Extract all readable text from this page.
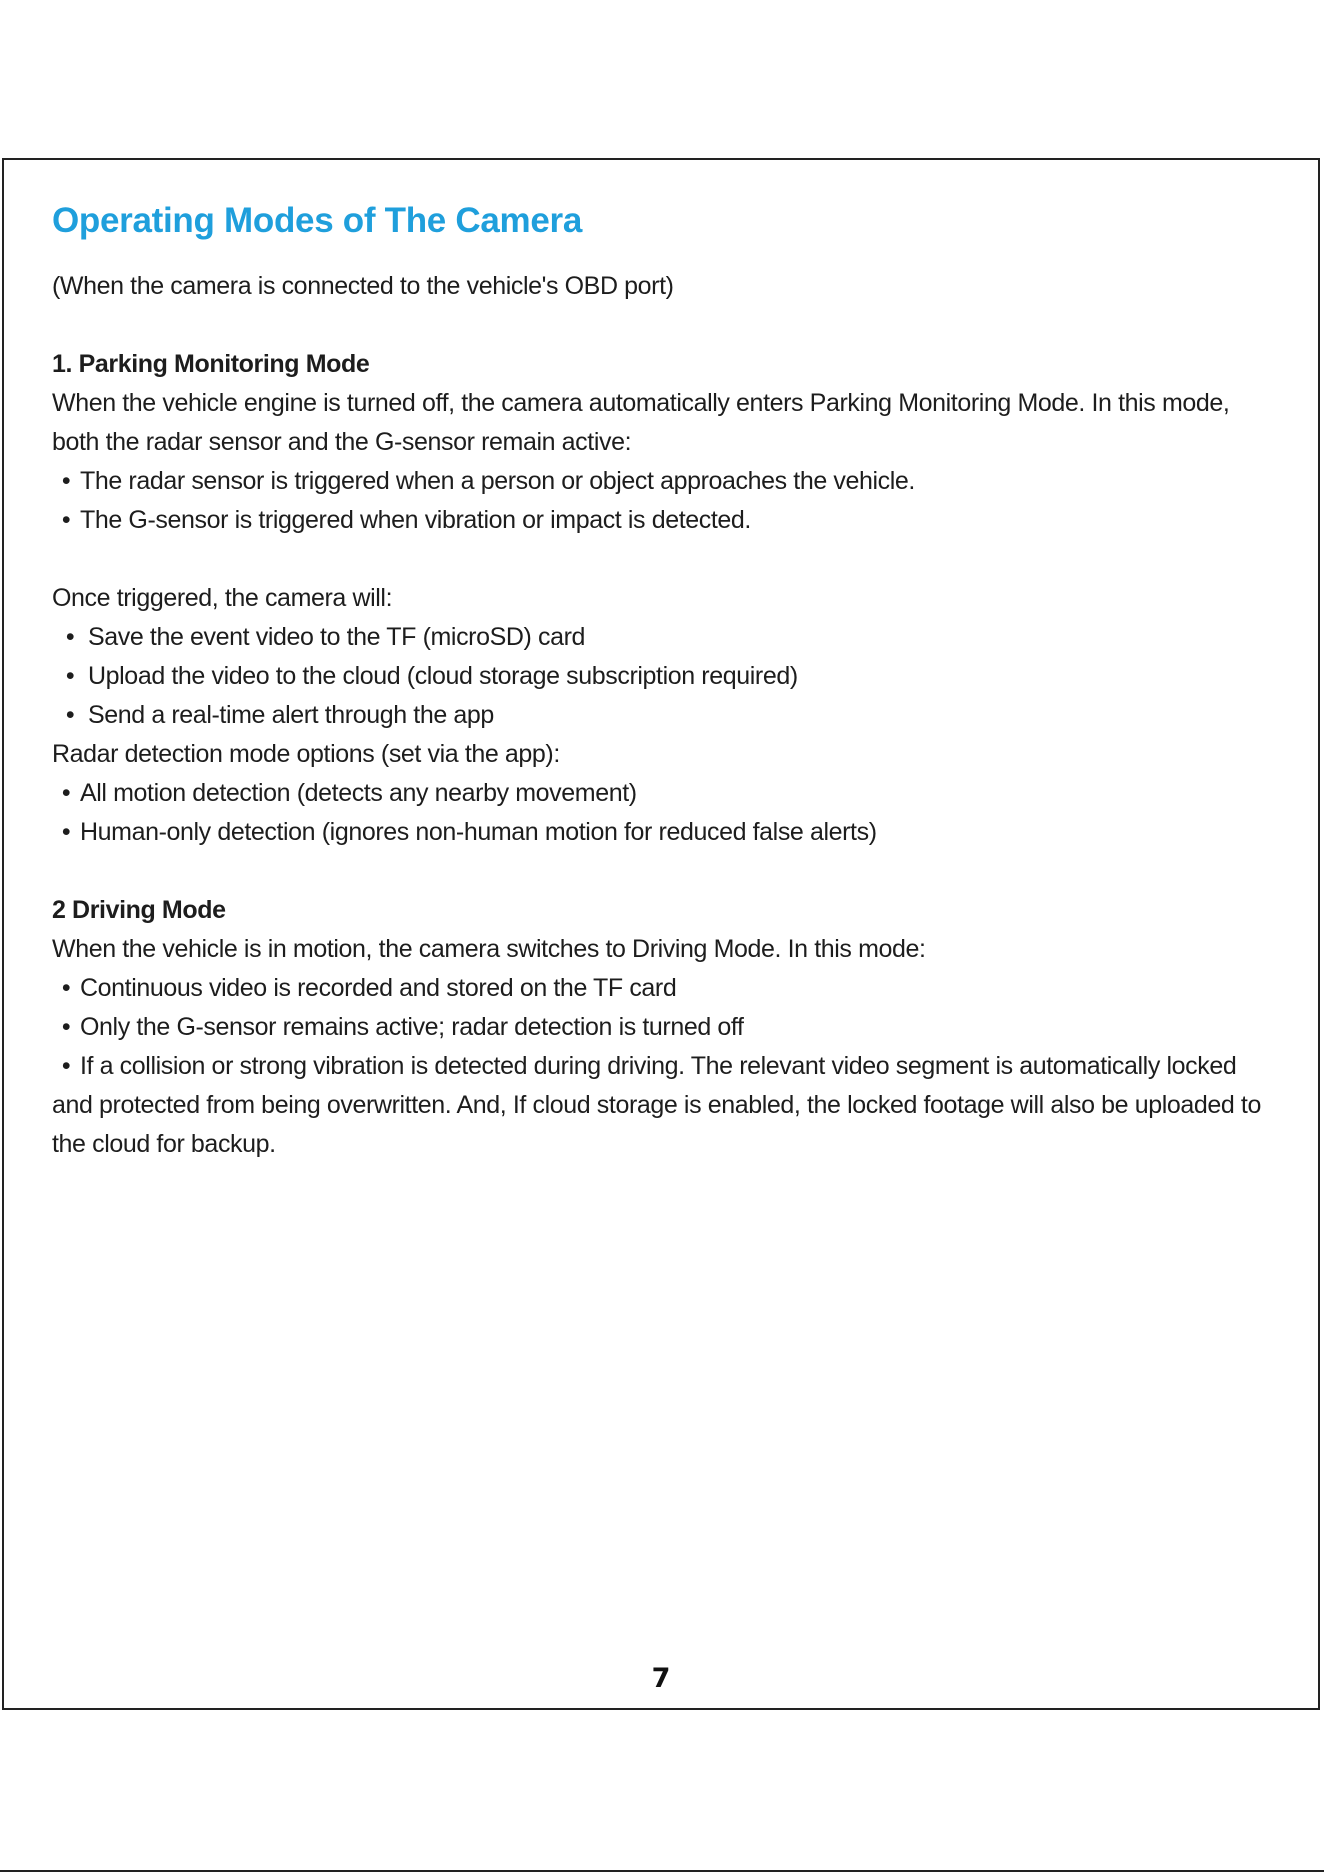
Operating Modes of The Camera

(When the camera is connected to the vehicle's OBD port)

1. Parking Monitoring Mode

When the vehicle engine is turned off, the camera automatically enters Parking Monitoring Mode. In this mode, both the radar sensor and the G-sensor remain active:

• The radar sensor is triggered when a person or object approaches the vehicle.

• The G-sensor is triggered when vibration or impact is detected.

Once triggered, the camera will:

• Save the event video to the TF (microSD) card

• Upload the video to the cloud (cloud storage subscription required)

• Send a real-time alert through the app

Radar detection mode options (set via the app):

• All motion detection (detects any nearby movement)

• Human-only detection (ignores non-human motion for reduced false alerts)

2 Driving Mode

When the vehicle is in motion, the camera switches to Driving Mode. In this mode:

• Continuous video is recorded and stored on the TF card

• Only the G-sensor remains active; radar detection is turned off

• If a collision or strong vibration is detected during driving. The relevant video segment is automatically locked and protected from being overwritten. And, If cloud storage is enabled, the locked footage will also be uploaded to the cloud for backup.

7
